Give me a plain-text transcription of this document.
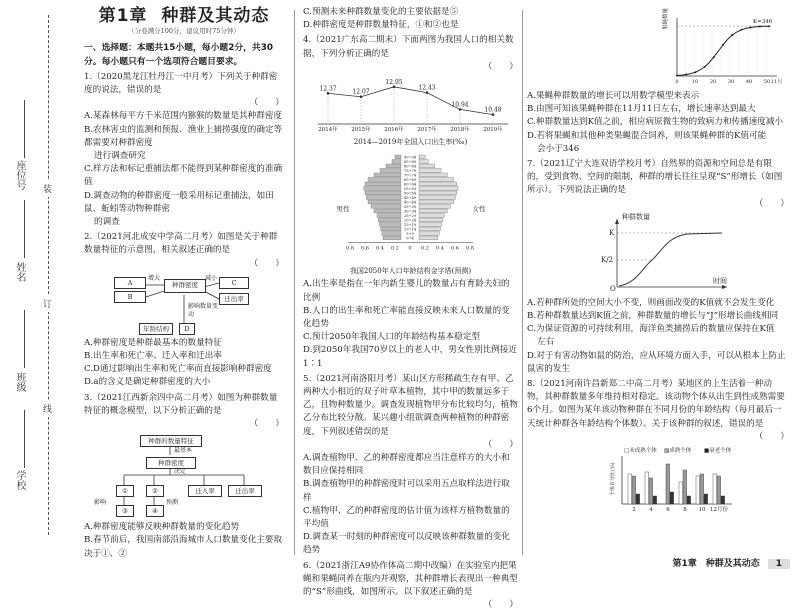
座位号
姓名
班级
学校
装
订
线
第1章 种群及其动态
（分卷满分100分，建议用时75分钟）

一、选择题：本题共15小题，每小题2分，共30分。每小题只有一个选项符合题目要求。

1.（2020黑龙江牡丹江一中月考）下列关于种群密度的说法，错误的是

（　　）

A.某森林每平方千米范围内猕猴的数量是其种群密度

B.农林害虫的监测和预报、渔业上捕捞强度的确定等都需要对种群密度

进行调查研究

C.样方法和标记重捕法都不能得到某种群密度的准确值

D.调查动物的种群密度一般采用标记重捕法，如田鼠、蚯蚓等动物种群密

的调查

2.（2021河北成安中学高二月考）如图是关于种群数量特征的示意图，相关叙述正确的是

（　　）

A
B
种群密度	C
迁出率
D
年龄结构
增大	减小
影响数量变动

A.种群密度是种群最基本的数量特征

B.出生率和死亡率、迁入率和迁出率

C.D通过影响出生率和死亡率而直接影响种群密度

D.a的含义是确定种群密度的大小

3.（2021江西新余四中高二月考）如图为种群数量特征的概念模型，以下分析正确的是

（　　）

种群的数量特征
最基本
种群密度
①	②	迁入率	迁出率
③	④
决定
预测
影响

A.种群密度能够反映种群数量的变化趋势

B.春节前后，我国南部沿海城市人口数量变化主要取决于①、②

C.预测未来种群数量变化的主要依据是⑤

D.种群密度是种群数量特征，①和②也是

4.（2021广东高二期末）下面两图为我国人口的相关数据，下列分析正确的是

（　　）

12.37
2014年
12.07
2015年
12.95
2016年
12.43
2017年
10.94
2018年
10.48
2019年

2014—2019年全国人口出生率(‰)

90~94
85~89
80~84
75~79
70~74
65~69
60~64
55~59
50~54
45~49
40~44
35~39
30~34
25~29
20~24
15~19
10~14
5~9
0~4
0.8 0.6 0.4 0.2 0 0.2 0.4 0.6 0.8
男性	女性

我国2050年人口年龄结构金字塔(预测)

A.出生率是指在一年内新生婴儿的数量占有育龄夫妇的比例

B.人口的出生率和死亡率能直接反映未来人口数量的变化趋势

C.预计2050年我国人口的年龄结构基本稳定型

D.到2050年我国70岁以上的老人中，男女性别比例接近1∶1

5.（2021河南洛阳月考）某山区方形稀疏生存有甲、乙两种大小相近的双子叶草本植物，其中甲的数量远多于乙，且物种数量少。调查发现植物甲分布比较均匀，植物乙分布比较分散。某兴趣小组欲调查两种植物的种群密度，下列叙述错误的是

（　　）

A.调查植物甲、乙的种群密度都应当注意样方的大小和数目应保持相同

B.调查植物甲的种群密度时可以采用五点取样法进行取样

C.植物甲、乙的种群密度的估计值为该样方植物数量的平均值

D.调查某一时刻的种群密度可以反映该种群数量的变化趋势

6.（2021浙江A9协作体高二期中改编）在实验室内把果蝇和果蝇同养在瓶内并观察，其种群增长表现出一种典型的“S”形曲线，如图所示。以下叙述正确的是

（　　）

K=346
果蝇数量
0	10 20 30 40 50 11月

A.果蝇种群数量的增长可以用数学模型来表示

B.由图可知该果蝇种群在11月11日左右，增长速率达到最大

C.种群数量达到K值之前，相应病原微生物的致病力和传播速度减小

D.若将果蝇和其他种类果蝇混合饲养，则该果蝇种群的K值可能

会小于346

7.（2021辽宁大连双语学校月考）自然界的资源和空间总是有限的，受到食物、空间的限制，种群的增长往往呈现“S”形增长（如图所示）。下列说法正确的是

（　　）

种群数量
K
K/2
O
时间

A.若种群所处的空间大小不变，则画面改变的K值就不会发生变化

B.若种群数量达到K值之前，种群数量的增长与“J”形增长曲线相同

C.为保证资源的可持续利用，海洋鱼类捕捞后的数量应保持在K值

左右

D.对于有害动物如鼠的防治，应从环境方面入手，可以从根本上防止鼠害的发生

8.（2021河南许昌新郑二中高二月考）某地区的上生活着一种动物，其种群数量多年维持相对稳定。该动物个体从出生到性成熟需要6个月。如图为某年该动物种群在不同月份的年龄结构（每月最后一天统计种群各年龄结构个体数）。关于该种群的叙述，错误的是

（　　）

个体百分比(%)
□未成熟个体 ▨成熟个体 ■衰老个体
2 4 6 8 10 12月份
第1章　种群及其动态 1
